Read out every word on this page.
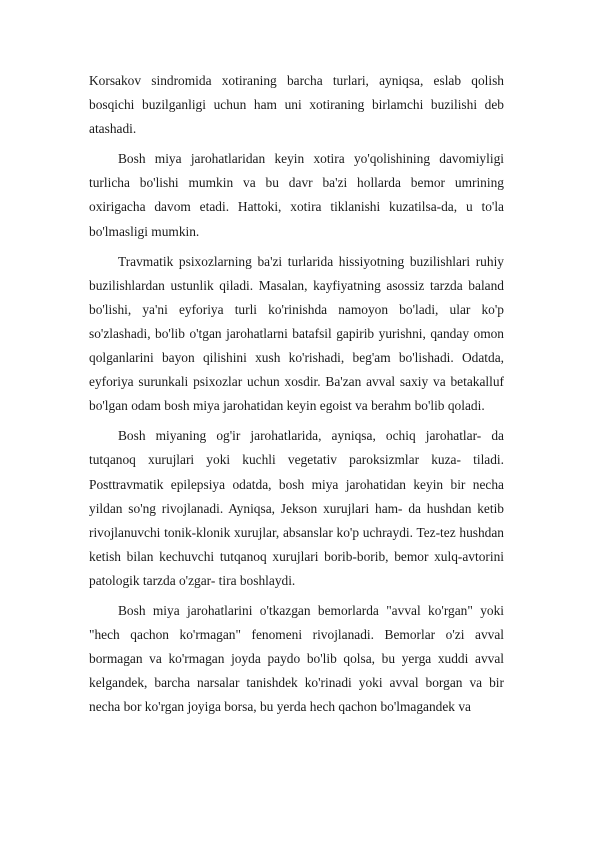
Korsakov sindromida xotiraning barcha turlari, ayniqsa, eslab qolish bosqichi buzilganligi uchun ham uni xotiraning birlamchi buzilishi deb atashadi.

Bosh miya jarohatlaridan keyin xotira yo'qolishining davomiyligi turlicha bo'lishi mumkin va bu davr ba'zi hollarda bemor umrining oxirigacha davom etadi. Hattoki, xotira tiklanishi kuzatilsa-da, u to'la bo'lmasligi mumkin.

Travmatik psixozlarning ba'zi turlarida hissiyotning buzilishlari ruhiy buzilishlardan ustunlik qiladi. Masalan, kayfiyatning asossiz tarzda baland bo'lishi, ya'ni eyforiya turli ko'rinishda namoyon bo'ladi, ular ko'p so'zlashadi, bo'lib o'tgan jarohatlarni batafsil gapirib yurishni, qanday omon qolganlarini bayon qilishini xush ko'rishadi, beg'am bo'lishadi. Odatda, eyforiya surunkali psixozlar uchun xosdir. Ba'zan avval saxiy va betakalluf bo'lgan odam bosh miya jarohatidan keyin egoist va berahm bo'lib qoladi.

Bosh miyaning og'ir jarohatlarida, ayniqsa, ochiq jarohatlar- da tutqanoq xurujlari yoki kuchli vegetativ paroksizmlar kuza- tiladi. Posttravmatik epilepsiya odatda, bosh miya jarohatidan keyin bir necha yildan so'ng rivojlanadi. Ayniqsa, Jekson xurujlari ham- da hushdan ketib rivojlanuvchi tonik-klonik xurujlar, absanslar ko'p uchraydi. Tez-tez hushdan ketish bilan kechuvchi tutqanoq xurujlari borib-borib, bemor xulq-avtorini patologik tarzda o'zgar- tira boshlaydi.

Bosh miya jarohatlarini o'tkazgan bemorlarda "avval ko'rgan" yoki "hech qachon ko'rmagan" fenomeni rivojlanadi. Bemorlar o'zi avval bormagan va ko'rmagan joyda paydo bo'lib qolsa, bu yerga xuddi avval kelgandek, barcha narsalar tanishdek ko'rinadi yoki avval borgan va bir necha bor ko'rgan joyiga borsa, bu yerda hech qachon bo'lmagandek va
